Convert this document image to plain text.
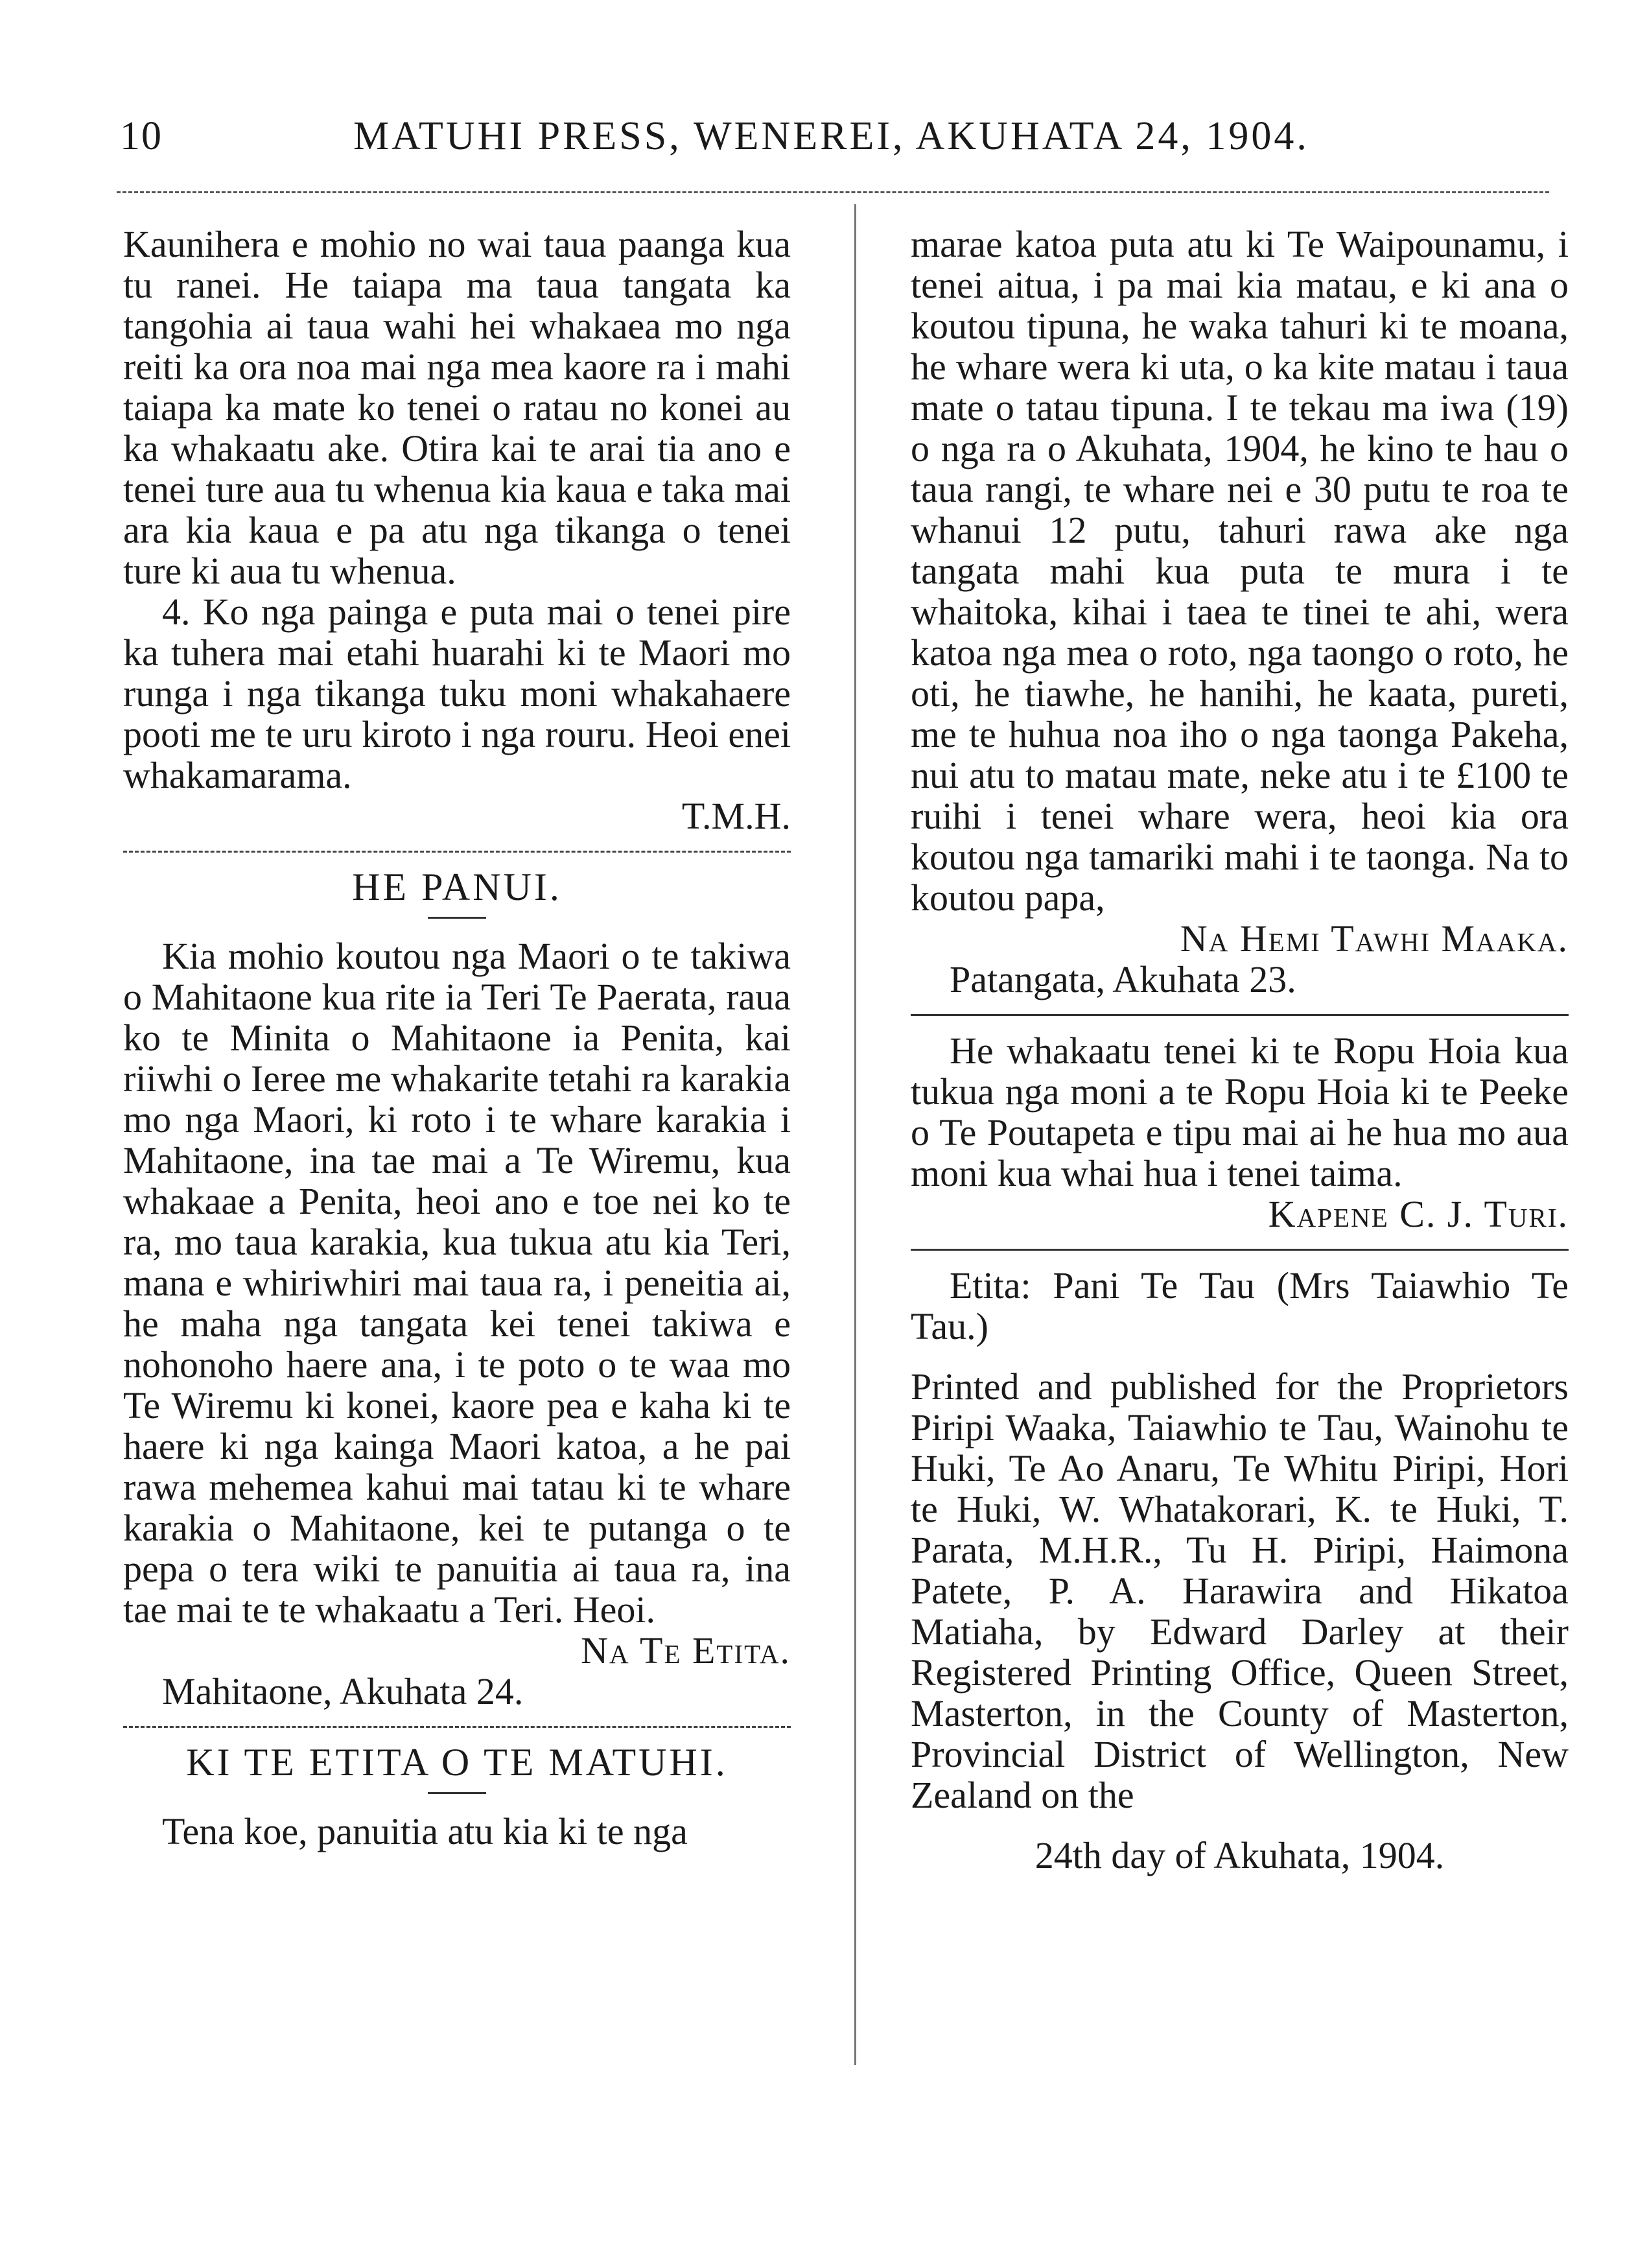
10	MATUHI PRESS, WENEREI, AKUHATA 24, 1904.

Kaunihera e mohio no wai taua paanga kua tu ranei. He taiapa ma taua tangata ka tangohia ai taua wahi hei whakaea mo nga reiti ka ora noa mai nga mea kaore ra i mahi taiapa ka mate ko tenei o ratau no konei au ka whakaatu ake. Otira kai te arai tia ano e tenei ture aua tu whenua kia kaua e taka mai ara kia kaua e pa atu nga tikanga o tenei ture ki aua tu whenua.

4. Ko nga painga e puta mai o tenei pire ka tuhera mai etahi huarahi ki te Maori mo runga i nga tikanga tuku moni whakahaere pooti me te uru kiroto i nga rouru. Heoi enei whakamarama.

T.M.H.

HE PANUI.

Kia mohio koutou nga Maori o te takiwa o Mahitaone kua rite ia Teri Te Paerata, raua ko te Minita o Mahitaone ia Penita, kai riiwhi o Ieree me whakarite tetahi ra karakia mo nga Maori, ki roto i te whare karakia i Mahitaone, ina tae mai a Te Wiremu, kua whakaae a Penita, heoi ano e toe nei ko te ra, mo taua karakia, kua tukua atu kia Teri, mana e whiriwhiri mai taua ra, i peneitia ai, he maha nga tangata kei tenei takiwa e nohonoho haere ana, i te poto o te waa mo Te Wiremu ki konei, kaore pea e kaha ki te haere ki nga kainga Maori katoa, a he pai rawa mehemea kahui mai tatau ki te whare karakia o Mahitaone, kei te putanga o te pepa o tera wiki te panuitia ai taua ra, ina tae mai te te whakaatu a Teri. Heoi.

Na Te Etita.

Mahitaone, Akuhata 24.

KI TE ETITA O TE MATUHI.

Tena koe, panuitia atu kia ki te nga

marae katoa puta atu ki Te Waipounamu, i tenei aitua, i pa mai kia matau, e ki ana o koutou tipuna, he waka tahuri ki te moana, he whare wera ki uta, o ka kite matau i taua mate o tatau tipuna. I te tekau ma iwa (19) o nga ra o Akuhata, 1904, he kino te hau o taua rangi, te whare nei e 30 putu te roa te whanui 12 putu, tahuri rawa ake nga tangata mahi kua puta te mura i te whaitoka, kihai i taea te tinei te ahi, wera katoa nga mea o roto, nga taongo o roto, he oti, he tiawhe, he hanihi, he kaata, pureti, me te huhua noa iho o nga taonga Pakeha, nui atu to matau mate, neke atu i te £100 te ruihi i tenei whare wera, heoi kia ora koutou nga tamariki mahi i te taonga. Na to koutou papa,

Na Hemi Tawhi Maaka.

Patangata, Akuhata 23.

He whakaatu tenei ki te Ropu Hoia kua tukua nga moni a te Ropu Hoia ki te Peeke o Te Poutapeta e tipu mai ai he hua mo aua moni kua whai hua i tenei taima.

Kapene C. J. Turi.

Etita: Pani Te Tau (Mrs Taiawhio Te Tau.)

Printed and published for the Proprietors Piripi Waaka, Taiawhio te Tau, Wainohu te Huki, Te Ao Anaru, Te Whitu Piripi, Hori te Huki, W. Whatakorari, K. te Huki, T. Parata, M.H.R., Tu H. Piripi, Haimona Patete, P. A. Harawira and Hikatoa Matiaha, by Edward Darley at their Registered Printing Office, Queen Street, Masterton, in the County of Masterton, Provincial District of Wellington, New Zealand on the

24th day of Akuhata, 1904.
